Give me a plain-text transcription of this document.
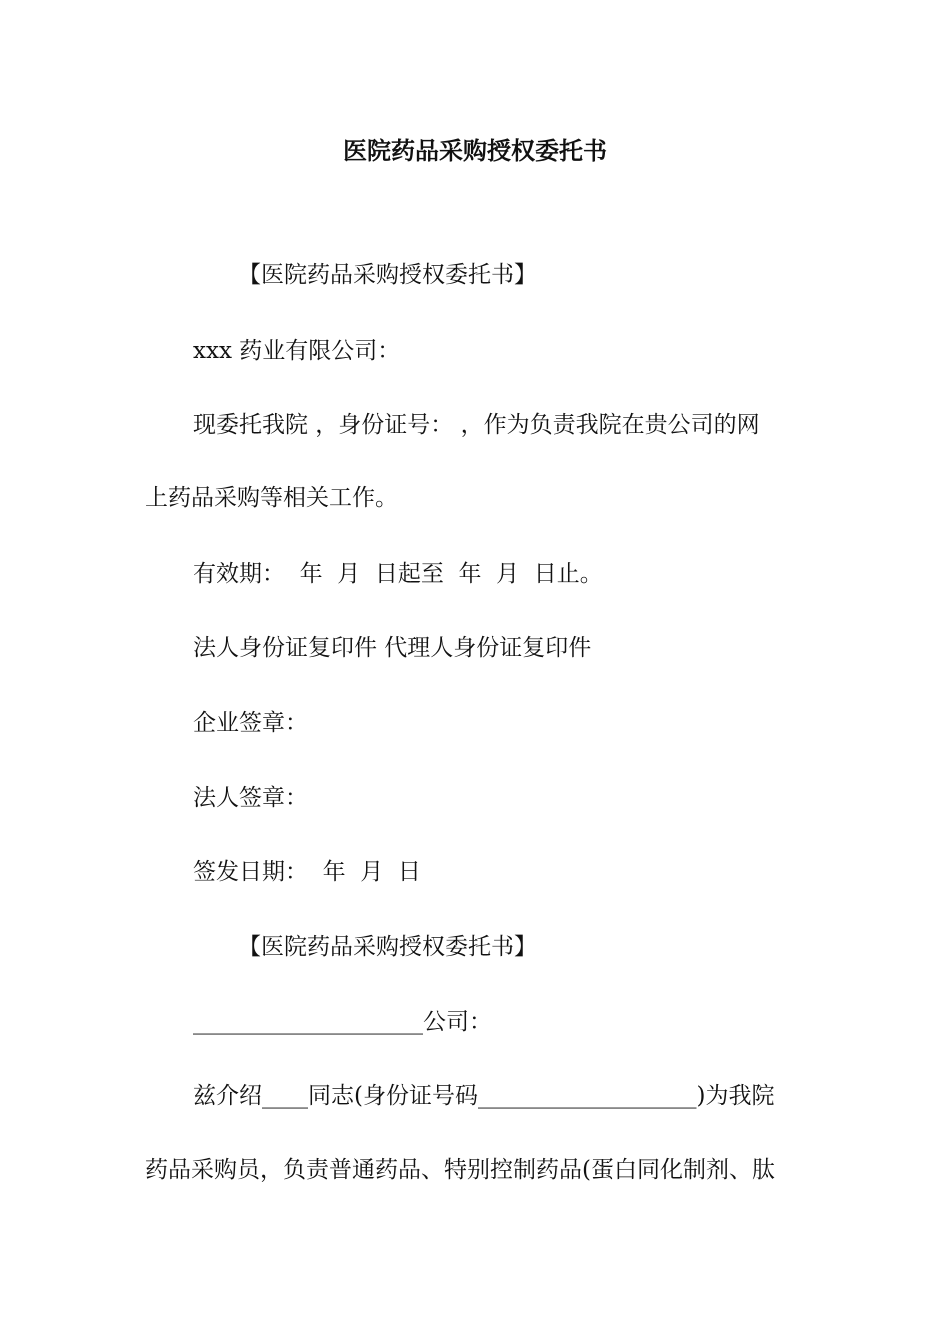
医院药品采购授权委托书
【医院药品采购授权委托书】
xxx 药业有限公司：
现委托我院 ，身份证号： ，作为负责我院在贵公司的网
上药品采购等相关工作。
有效期：  年  月  日起至  年  月  日止。
法人身份证复印件 代理人身份证复印件
企业签章：
法人签章：
签发日期：  年  月  日
【医院药品采购授权委托书】
____________________公司：
兹介绍____同志(身份证号码___________________)为我院
药品采购员，负责普通药品、特别控制药品(蛋白同化制剂、肽
